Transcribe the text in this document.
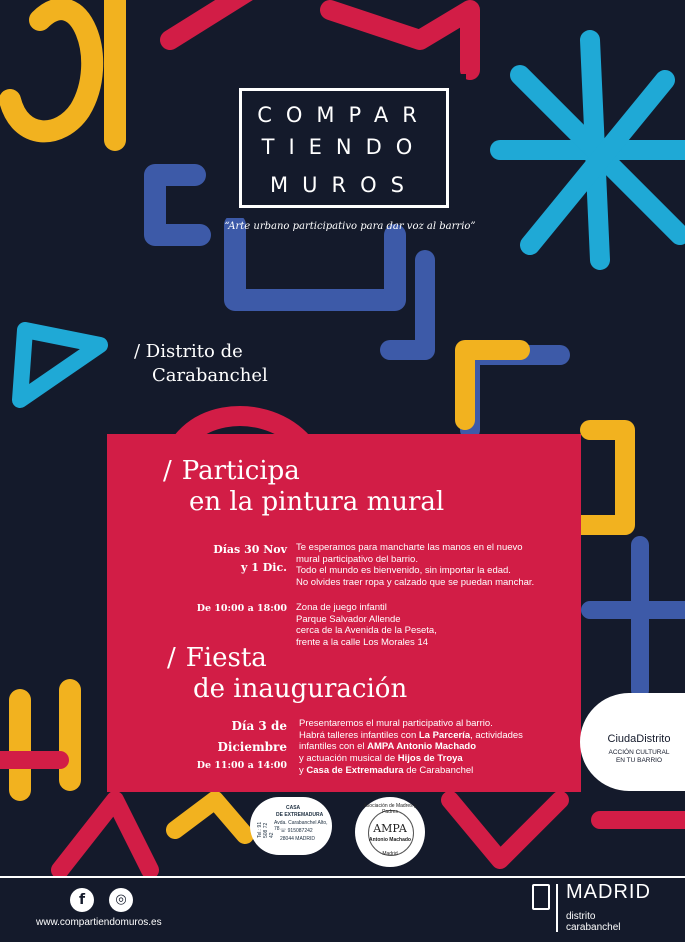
COMPAR
TIENDO
MUROS
“Arte urbano participativo para dar voz al barrio”
/ Distrito de
Carabanchel
/ Participa
en la pintura mural
Días 30 Nov
y 1 Dic.
Te esperamos para mancharte las manos en el nuevo
mural participativo del barrio.
Todo el mundo es bienvenido, sin importar la edad.
No olvides traer ropa y calzado que se puedan manchar.
De 10:00 a 18:00 Zona de juego infantil
Parque Salvador Allende
cerca de la Avenida de la Peseta,
frente a la calle Los Morales 14
/ Fiesta
de inauguración
Día 3 de
Diciembre
De 11:00 a 14:00
Presentaremos el mural participativo al barrio.
Habrá talleres infantiles con La Parcería, actividades
infantiles con el AMPA Antonio Machado
y actuación musical de Hijos de Troya
y Casa de Extremadura de Carabanchel
CiudaDistrito
ACCIÓN CULTURAL
EN TU BARRIO
Tel.: 91 508 72 42
CASA
DE EXTREMADURA
Avda. Carabanchel Alto, 78 ☏ 915087242
28044 MADRID
Asociación de Madres y Padres
AMPA
Antonio Machado
Madrid
f	◎
www.compartiendomuros.es
MADRID
distrito
carabanchel
